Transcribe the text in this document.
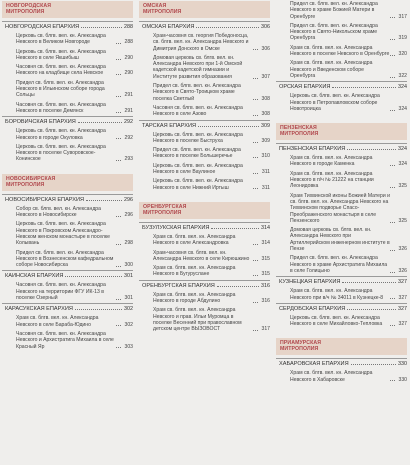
НОВГОРОДСКАЯ
МИТРОПОЛИЯ
НОВГОРОДСКАЯ ЕПАРХИЯ	288
Церковь св. блгв. вел. кн. Александра Невского в Великом Новгороде	288
Церковь св. блгв. вел. кн. Александра Невского в селе Якшибыш	290
Часовня св. блгв. вел. кн. Александра Невского на кладбище села Невское	290
Придел св. блгв. вел. кн. Александра Невского в Ильинском соборе города Сольцы	291
Часовня св. блгв. вел. кн. Александра Невского в поселке Демянск	291
БОРОВИЧСКАЯ ЕПАРХИЯ	292
Церковь св. блгв. вел. кн. Александра Невского в городе Окуловка	292
Церковь св. блгв. вел. кн. Александра Невского в поселке Суворовское-Конинское	293
НОВОСИБИРСКАЯ
МИТРОПОЛИЯ
НОВОСИБИРСКАЯ ЕПАРХИЯ	296
Собор св. блгв. вел. кн. Александра Невского в Новосибирске	296
Церковь св. блгв. вел. кн. Александра Невского в Покровском Александро-Невском женском монастыре в поселке Колывань	298
Придел св. блгв. вел. кн. Александра Невского в Вознесенском кафедральном соборе Новосибирска	300
КАИНСКАЯ ЕПАРХИЯ	301
Часовня св. блгв. вел. кн. Александра Невского на территории ФГУ ИК-13 в поселке Озерный	301
КАРАСУКСКАЯ ЕПАРХИЯ	302
Храм св. блгв. вел. кн. Александра Невского в селе Бараба-Юдино	302
Часовня св. блгв. вел. кн. Александра Невского и Архистратига Михаила в селе Красный Яр	303
ОМСКАЯ
МИТРОПОЛИЯ
ОМСКАЯ ЕПАРХИЯ	306
Храм-часовня св. георгия Победоносца, св. блгв. вел. кн. Александра Невского и Димитрия Донского в Омске	306
Домовая церковь св. блгв. вел. кн. Александра Невского при 1-й Омской кадетской кадетской гимназии и Институте развития образования	307
Придел св. блгв. вел. кн. Александра Невского в Свято-Троицком храме поселка Светлый	308
Часовня св. блгв. вел. кн. Александра Невского в селе Азово	308
ТАРСКАЯ ЕПАРХИЯ	309
Церковь св. блгв. вел. кн. Александра Невского в поселке Быструха	309
Придел св. блгв. вел. кн. Александра Невского в поселке Большеречье	310
Церковь св. блгв. вел. кн. Александра Невского в селе Ваулиное	311
Церковь св. блгв. вел. кн. Александра Невского в селе Нижний Иртыш	311
ОРЕНБУРГСКАЯ
МИТРОПОЛИЯ
БУЗУЛУКСКАЯ ЕПАРХИЯ	314
Храм св. блгв. вел. кн. Александра Невского в селе Александровка	314
Храм-часовня св. блгв. вел. кн. Александра Невского в селе Кирюшкино 315
Храм св. блгв. вел. кн. Александра Невского в Бугуруслане	315
ОРЕНБУРГСКАЯ ЕПАРХИЯ	316
Храм св. блгв. вел. кн. Александра Невского в городе Абдулино	316
Храм св. блгв. вел. кн. Александра Невского и прав. Ильи Муромца в поселке Весенний при православном детском центре ВЫЗОВОСТ	317
Придел св. блгв. вел. кн. Александра Невского в храме Божией Матери в Оренбурге	317
Придел св. блгв. вел. кн. Александра Невского в Свято-Никольском храме Оренбурга	319
Храм св. блгв. вел. кн. Александра Невского в поселке Невского в Оренбурге 320
Храм св. блгв. вел. кн. Александра Невского и Введенском соборе Оренбурга	322
ОРСКАЯ ЕПАРХИЯ	324
Церковь св. блгв. вел. кн. Александра Невского в Петропавловском соборе Новотроицка	324
ПЕНЗЕНСКАЯ
МИТРОПОЛИЯ
ПЕНЗЕНСКАЯ ЕПАРХИЯ	324
Храм св. блгв. вел. кн. Александра Невского в городе Каменка	324
Храм св. блгв. вел. кн. Александра Невского в п/ч № 21222 на станции Леонидовка	325
Храм Тихвинской иконы Божией Матери и св. блгв. вел. кн. Александра Невского на Тихвинском подворье Спасо-Преображенского монастыря в селе Пензенского	325
Домовая церковь св. блгв. вел. кн. Александра Невского при Артиллерийском инженерном институте в Пензе	326
Придел св. блгв. вел. кн. Александра Невского в храме Архистратига Михаила в селе Голицыно	326
КУЗНЕЦКАЯ ЕПАРХИЯ	327
Храм св. блгв. вел. кн. Александра Невского при в/ч № 34011 в Кузнецке-8	327
СЕРДОБСКАЯ ЕПАРХИЯ	327
Церковь св. блгв. вел. кн. Александра Невского в селе Михайловко-Тепловка	327
ПРИАМУРСКАЯ
МИТРОПОЛИЯ
ХАБАРОВСКАЯ ЕПАРХИЯ	330
Храм св. блгв. вел. кн. Александра Невского в Хабаровске	330
